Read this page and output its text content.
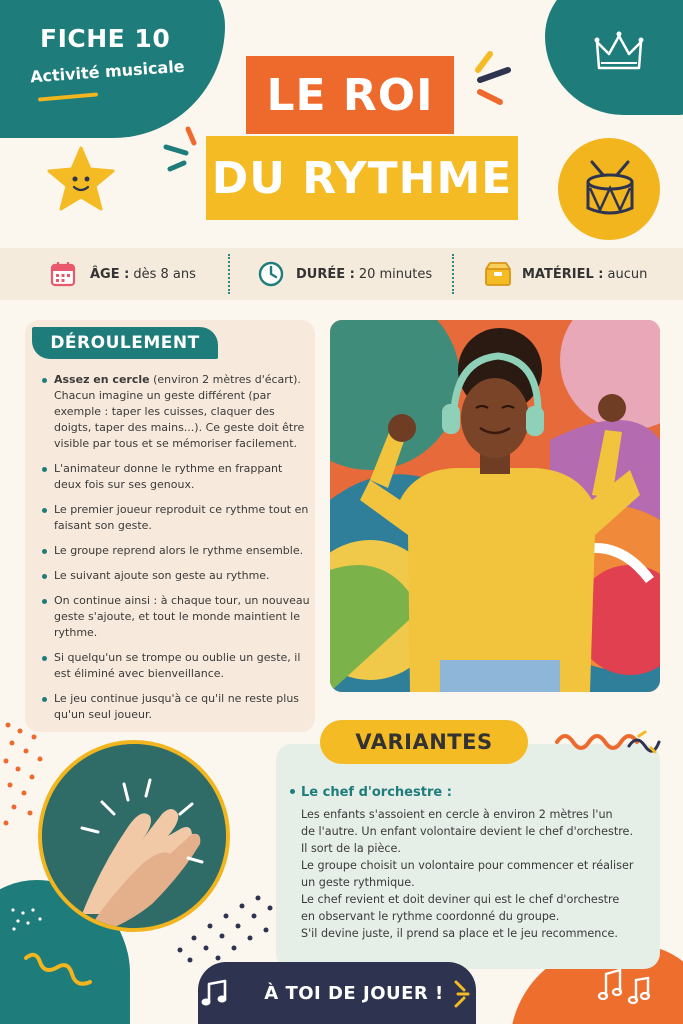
FICHE 10
Activité musicale	LE ROI
DU RYTHME
ÂGE : dès 8 ans	DURÉE : 20 minutes	MATÉRIEL : aucun
DÉROULEMENT
Assez en cercle (environ 2 mètres d'écart). Chacun imagine un geste différent (par exemple : taper les cuisses, claquer des doigts, taper des mains...). Ce geste doit être visible par tous et se mémoriser facilement.
L'animateur donne le rythme en frappant deux fois sur ses genoux.
Le premier joueur reproduit ce rythme tout en faisant son geste.
Le groupe reprend alors le rythme ensemble.
Le suivant ajoute son geste au rythme.
On continue ainsi : à chaque tour, un nouveau geste s'ajoute, et tout le monde maintient le rythme.
Si quelqu'un se trompe ou oublie un geste, il est éliminé avec bienveillance.
Le jeu continue jusqu'à ce qu'il ne reste plus qu'un seul joueur.
VARIANTES
Le chef d'orchestre :

Les enfants s'assoient en cercle à environ 2 mètres l'un

de l'autre. Un enfant volontaire devient le chef d'orchestre.

Il sort de la pièce.

Le groupe choisit un volontaire pour commencer et réaliser

un geste rythmique.

Le chef revient et doit deviner qui est le chef d'orchestre

en observant le rythme coordonné du groupe.

S'il devine juste, il prend sa place et le jeu recommence.

À TOI DE JOUER !
